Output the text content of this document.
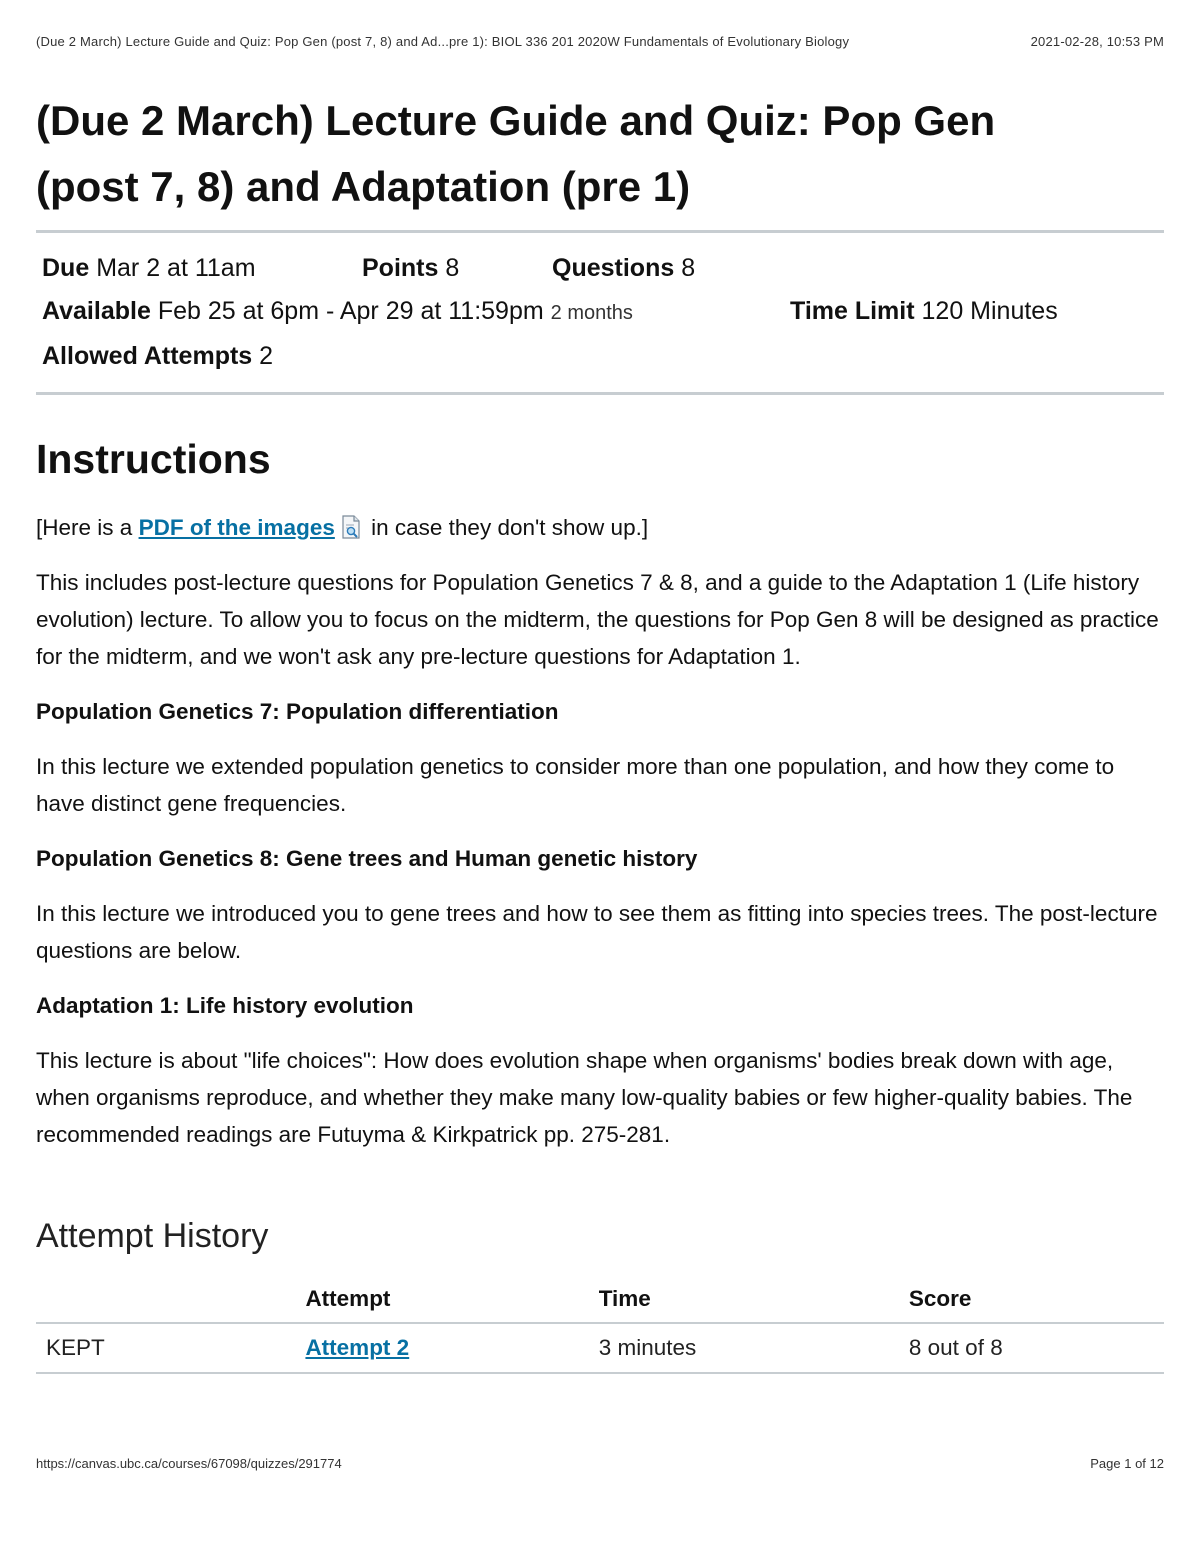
(Due 2 March) Lecture Guide and Quiz: Pop Gen (post 7, 8) and Ad...pre 1): BIOL 336 201 2020W Fundamentals of Evolutionary Biology	2021-02-28, 10:53 PM
(Due 2 March) Lecture Guide and Quiz: Pop Gen
(post 7, 8) and Adaptation (pre 1)
Due Mar 2 at 11am	Points 8	Questions 8
Available Feb 25 at 6pm - Apr 29 at 11:59pm 2 months	Time Limit 120 Minutes
Allowed Attempts 2
Instructions

[Here is a PDF of the images in case they don't show up.]

This includes post-lecture questions for Population Genetics 7 & 8, and a guide to the Adaptation 1 (Life history evolution) lecture. To allow you to focus on the midterm, the questions for Pop Gen 8 will be designed as practice for the midterm, and we won't ask any pre-lecture questions for Adaptation 1.

Population Genetics 7: Population differentiation

In this lecture we extended population genetics to consider more than one population, and how they come to have distinct gene frequencies.

Population Genetics 8: Gene trees and Human genetic history

In this lecture we introduced you to gene trees and how to see them as fitting into species trees. The post-lecture questions are below.

Adaptation 1: Life history evolution

This lecture is about "life choices": How does evolution shape when organisms' bodies break down with age, when organisms reproduce, and whether they make many low-quality babies or few higher-quality babies. The recommended readings are Futuyma & Kirkpatrick pp. 275-281.

Attempt History
	Attempt	Time	Score
KEPT	Attempt 2	3 minutes	8 out of 8
https://canvas.ubc.ca/courses/67098/quizzes/291774	Page 1 of 12
